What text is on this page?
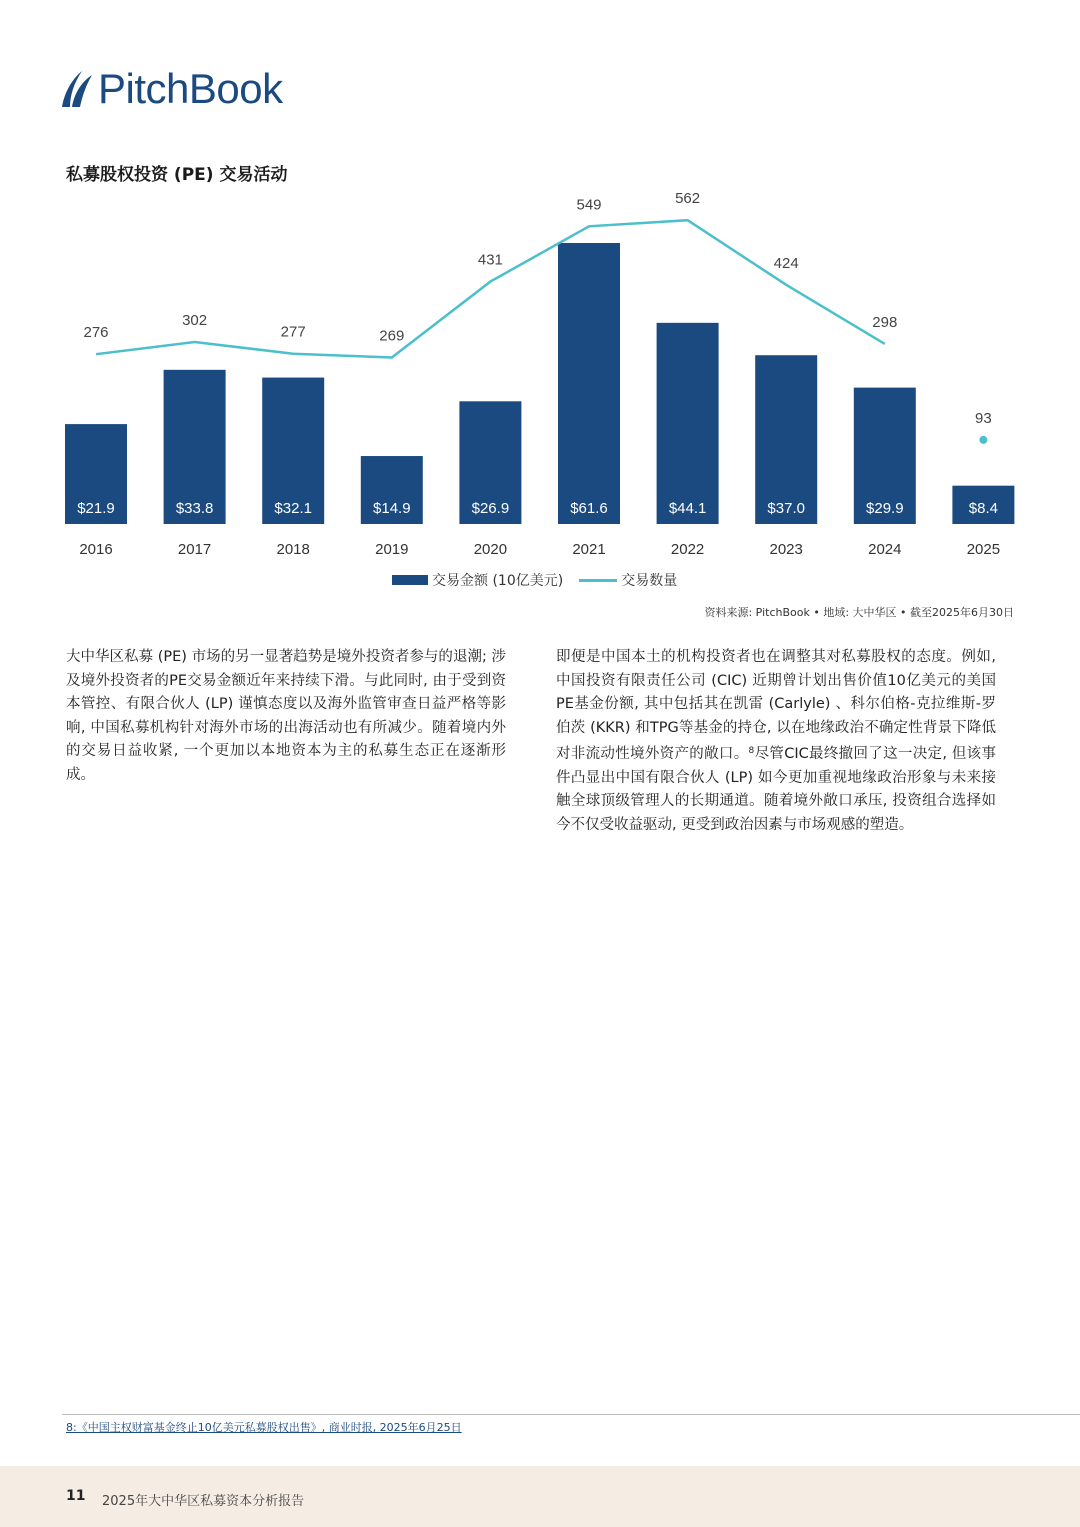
PitchBook
私募股权投资 (PE) 交易活动
$21.9
2016
$33.8
2017
$32.1
2018
$14.9
2019
$26.9
2020
$61.6
2021
$44.1
2022
$37.0
2023
$29.9
2024
$8.4
2025
276
302
277	269
431
549	562
424
298
93
交易金额 (10亿美元)	交易数量
资料来源: PitchBook • 地域: 大中华区 • 截至2025年6月30日
大中华区私募 (PE) 市场的另一显著趋势是境外投资者参与的退潮; 涉及境外投资者的PE交易金额近年来持续下滑。与此同时, 由于受到资本管控、有限合伙人 (LP) 谨慎态度以及海外监管审查日益严格等影响, 中国私募机构针对海外市场的出海活动也有所减少。随着境内外的交易日益收紧, 一个更加以本地资本为主的私募生态正在逐渐形成。
即便是中国本土的机构投资者也在调整其对私募股权的态度。例如, 中国投资有限责任公司 (CIC) 近期曾计划出售价值10亿美元的美国PE基金份额, 其中包括其在凯雷 (Carlyle) 、科尔伯格-克拉维斯-罗伯茨 (KKR) 和TPG等基金的持仓, 以在地缘政治不确定性背景下降低对非流动性境外资产的敞口。$^8$尽管CIC最终撤回了这一决定, 但该事件凸显出中国有限合伙人 (LP) 如今更加重视地缘政治形象与未来接触全球顶级管理人的长期通道。随着境外敞口承压, 投资组合选择如今不仅受收益驱动, 更受到政治因素与市场观感的塑造。
8:《中国主权财富基金终止10亿美元私募股权出售》, 商业时报, 2025年6月25日
11 2025年大中华区私募资本分析报告
